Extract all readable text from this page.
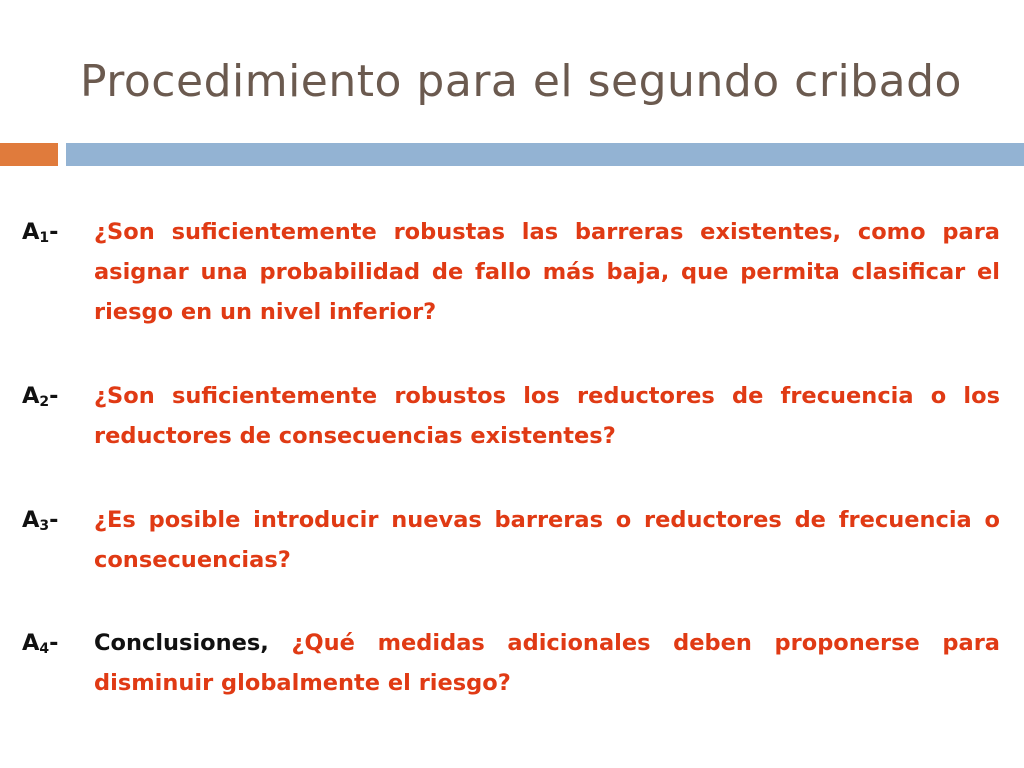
Procedimiento para el segundo cribado
$A_1-$	¿Son suficientemente robustas las barreras existentes, como para asignar una probabilidad de fallo más baja, que permita clasificar el riesgo en un nivel inferior?
$A_2-$	¿Son suficientemente robustos los reductores de frecuencia o los reductores de consecuencias existentes?
$A_3-$	¿Es posible introducir nuevas barreras o reductores de frecuencia o consecuencias?
$A_4-$	Conclusiones, ¿Qué medidas adicionales deben proponerse para disminuir globalmente el riesgo?
